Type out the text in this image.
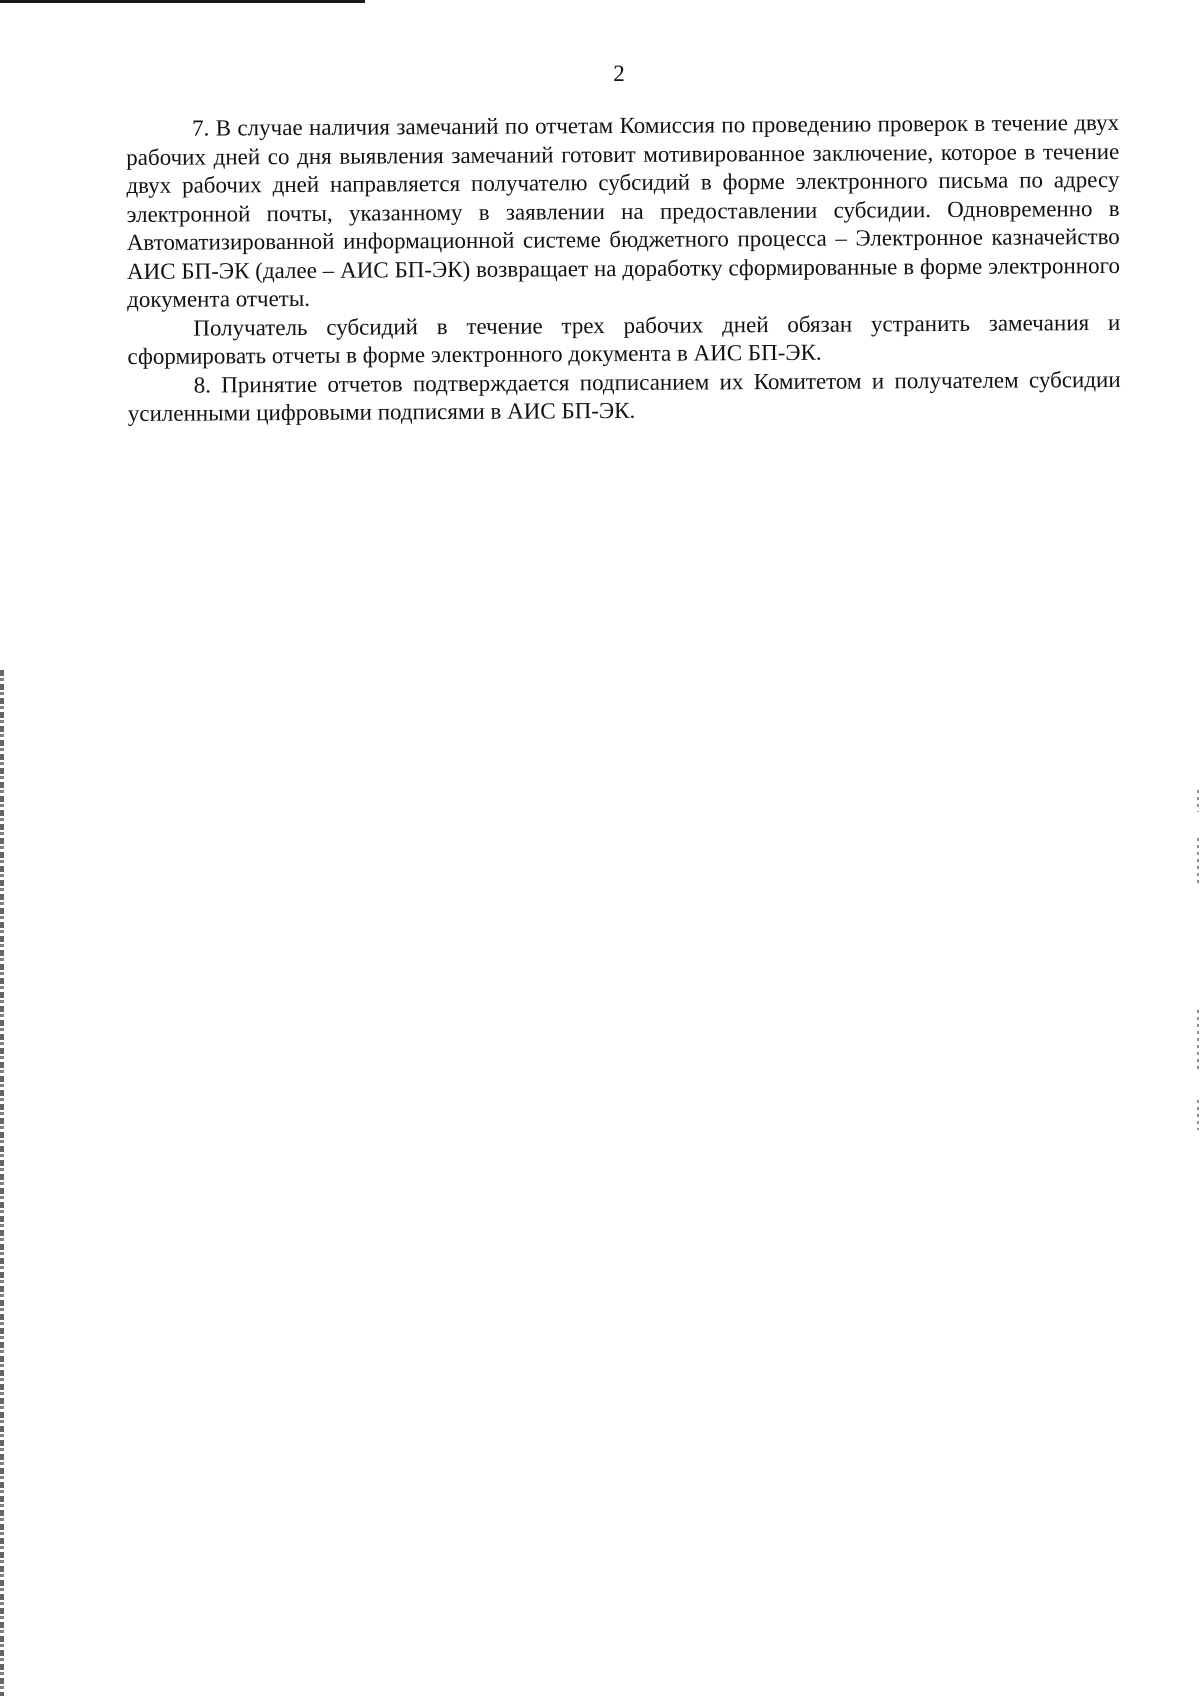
2

7. В случае наличия замечаний по отчетам Комиссия по проведению проверок в течение двух рабочих дней со дня выявления замечаний готовит мотивированное заключение, которое в течение двух рабочих дней направляется получателю субсидий в форме электронного письма по адресу электронной почты, указанному в заявлении на предоставлении субсидии. Одновременно в Автоматизированной информационной системе бюджетного процесса – Электронное казначейство АИС БП-ЭК (далее – АИС БП-ЭК) возвращает на доработку сформированные в форме электронного документа отчеты.

Получатель субсидий в течение трех рабочих дней обязан устранить замечания и сформировать отчеты в форме электронного документа в АИС БП-ЭК.

8. Принятие отчетов подтверждается подписанием их Комитетом и получателем субсидии усиленными цифровыми подписями в АИС БП-ЭК.
